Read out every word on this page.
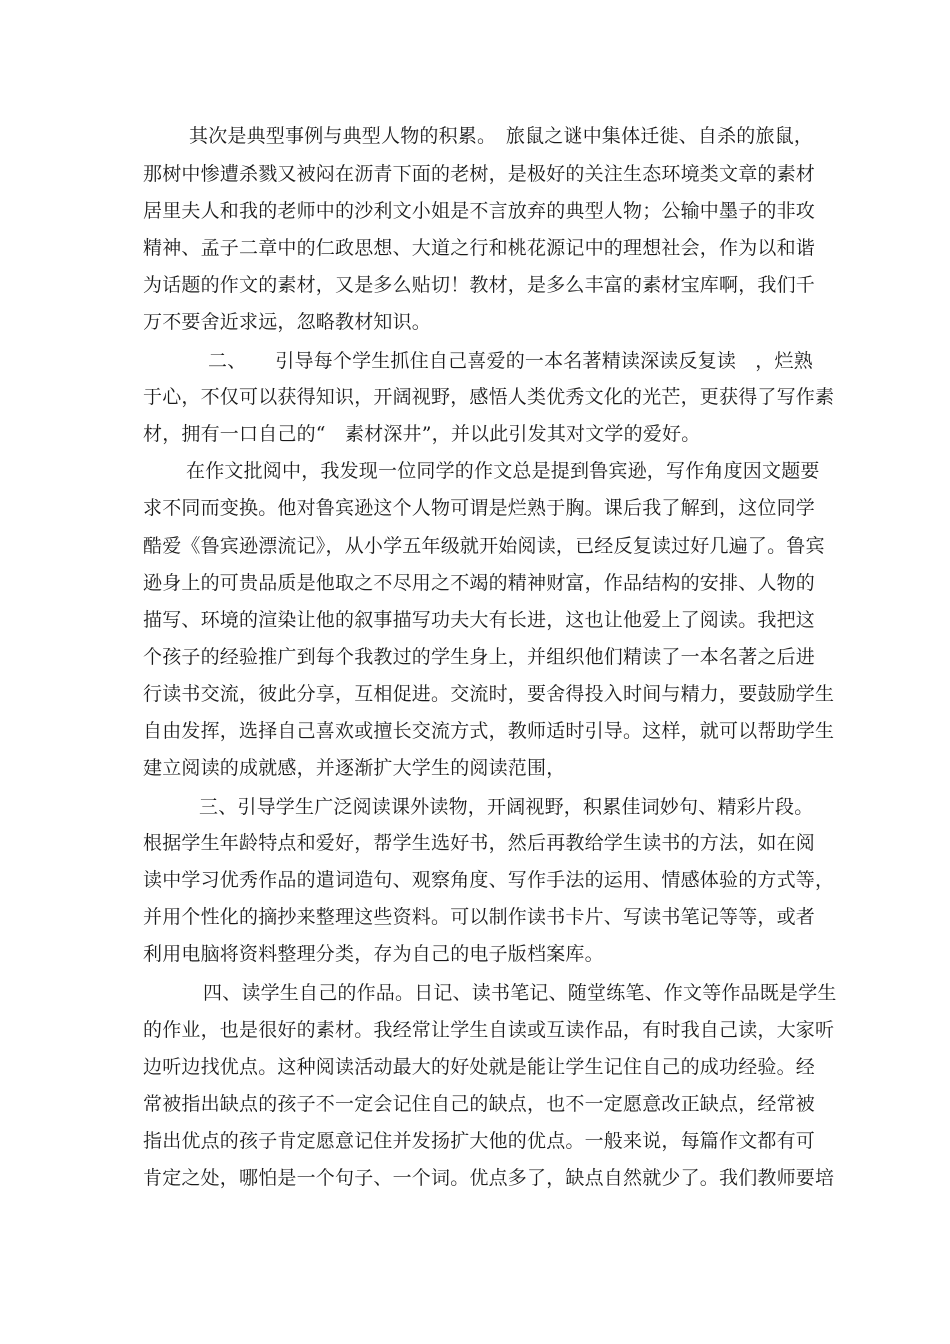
其次是典型事例与典型人物的积累。　旅鼠之谜中集体迁徙、自杀的旅鼠，
那树中惨遭杀戮又被闷在沥青下面的老树，是极好的关注生态环境类文章的素材
居里夫人和我的老师中的沙利文小姐是不言放弃的典型人物；公输中墨子的非攻
精神、孟子二章中的仁政思想、大道之行和桃花源记中的理想社会，作为以和谐
为话题的作文的素材，又是多么贴切！教材，是多么丰富的素材宝库啊，我们千
万不要舍近求远，忽略教材知识。
二、　　引导每个学生抓住自己喜爱的一本名著精读深读反复读　，烂熟
于心，不仅可以获得知识，开阔视野，感悟人类优秀文化的光芒，更获得了写作素
材，拥有一口自己的“　素材深井”，并以此引发其对文学的爱好。
在作文批阅中，我发现一位同学的作文总是提到鲁宾逊，写作角度因文题要
求不同而变换。他对鲁宾逊这个人物可谓是烂熟于胸。课后我了解到，这位同学
酷爱《鲁宾逊漂流记》，从小学五年级就开始阅读，已经反复读过好几遍了。鲁宾
逊身上的可贵品质是他取之不尽用之不竭的精神财富，作品结构的安排、人物的
描写、环境的渲染让他的叙事描写功夫大有长进，这也让他爱上了阅读。我把这
个孩子的经验推广到每个我教过的学生身上，并组织他们精读了一本名著之后进
行读书交流，彼此分享，互相促进。交流时，要舍得投入时间与精力，要鼓励学生
自由发挥，选择自己喜欢或擅长交流方式，教师适时引导。这样，就可以帮助学生
建立阅读的成就感，并逐渐扩大学生的阅读范围，
三、引导学生广泛阅读课外读物，开阔视野，积累佳词妙句、精彩片段。
根据学生年龄特点和爱好，帮学生选好书，然后再教给学生读书的方法，如在阅
读中学习优秀作品的遣词造句、观察角度、写作手法的运用、情感体验的方式等，
并用个性化的摘抄来整理这些资料。可以制作读书卡片、写读书笔记等等，或者
利用电脑将资料整理分类，存为自己的电子版档案库。
四、读学生自己的作品。日记、读书笔记、随堂练笔、作文等作品既是学生
的作业，也是很好的素材。我经常让学生自读或互读作品，有时我自己读，大家听
边听边找优点。这种阅读活动最大的好处就是能让学生记住自己的成功经验。经
常被指出缺点的孩子不一定会记住自己的缺点，也不一定愿意改正缺点，经常被
指出优点的孩子肯定愿意记住并发扬扩大他的优点。一般来说，每篇作文都有可
肯定之处，哪怕是一个句子、一个词。优点多了，缺点自然就少了。我们教师要培
